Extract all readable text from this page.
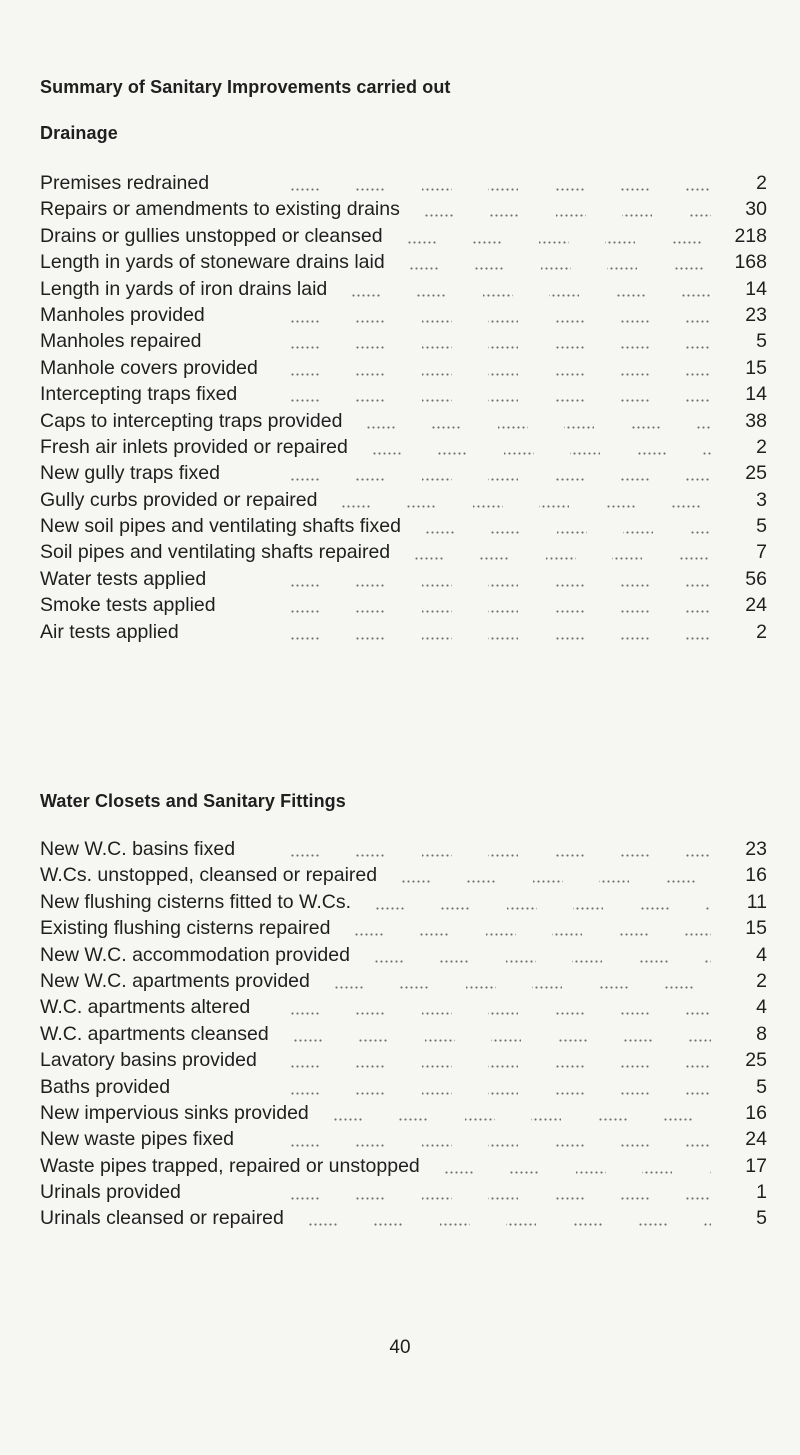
Summary of Sanitary Improvements carried out
Drainage
Premises redrained	2
Repairs or amendments to existing drains	30
Drains or gullies unstopped or cleansed	218
Length in yards of stoneware drains laid	168
Length in yards of iron drains laid	14
Manholes provided	23
Manholes repaired	5
Manhole covers provided	15
Intercepting traps fixed	14
Caps to intercepting traps provided	38
Fresh air inlets provided or repaired	2
New gully traps fixed	25
Gully curbs provided or repaired	3
New soil pipes and ventilating shafts fixed	5
Soil pipes and ventilating shafts repaired	7
Water tests applied	56
Smoke tests applied	24
Air tests applied	2
Water Closets and Sanitary Fittings
New W.C. basins fixed	23
W.Cs. unstopped, cleansed or repaired	16
New flushing cisterns fitted to W.Cs.	11
Existing flushing cisterns repaired	15
New W.C. accommodation provided	4
New W.C. apartments provided	2
W.C. apartments altered	4
W.C. apartments cleansed	8
Lavatory basins provided	25
Baths provided	5
New impervious sinks provided	16
New waste pipes fixed	24
Waste pipes trapped, repaired or unstopped	17
Urinals provided	1
Urinals cleansed or repaired	5
40
